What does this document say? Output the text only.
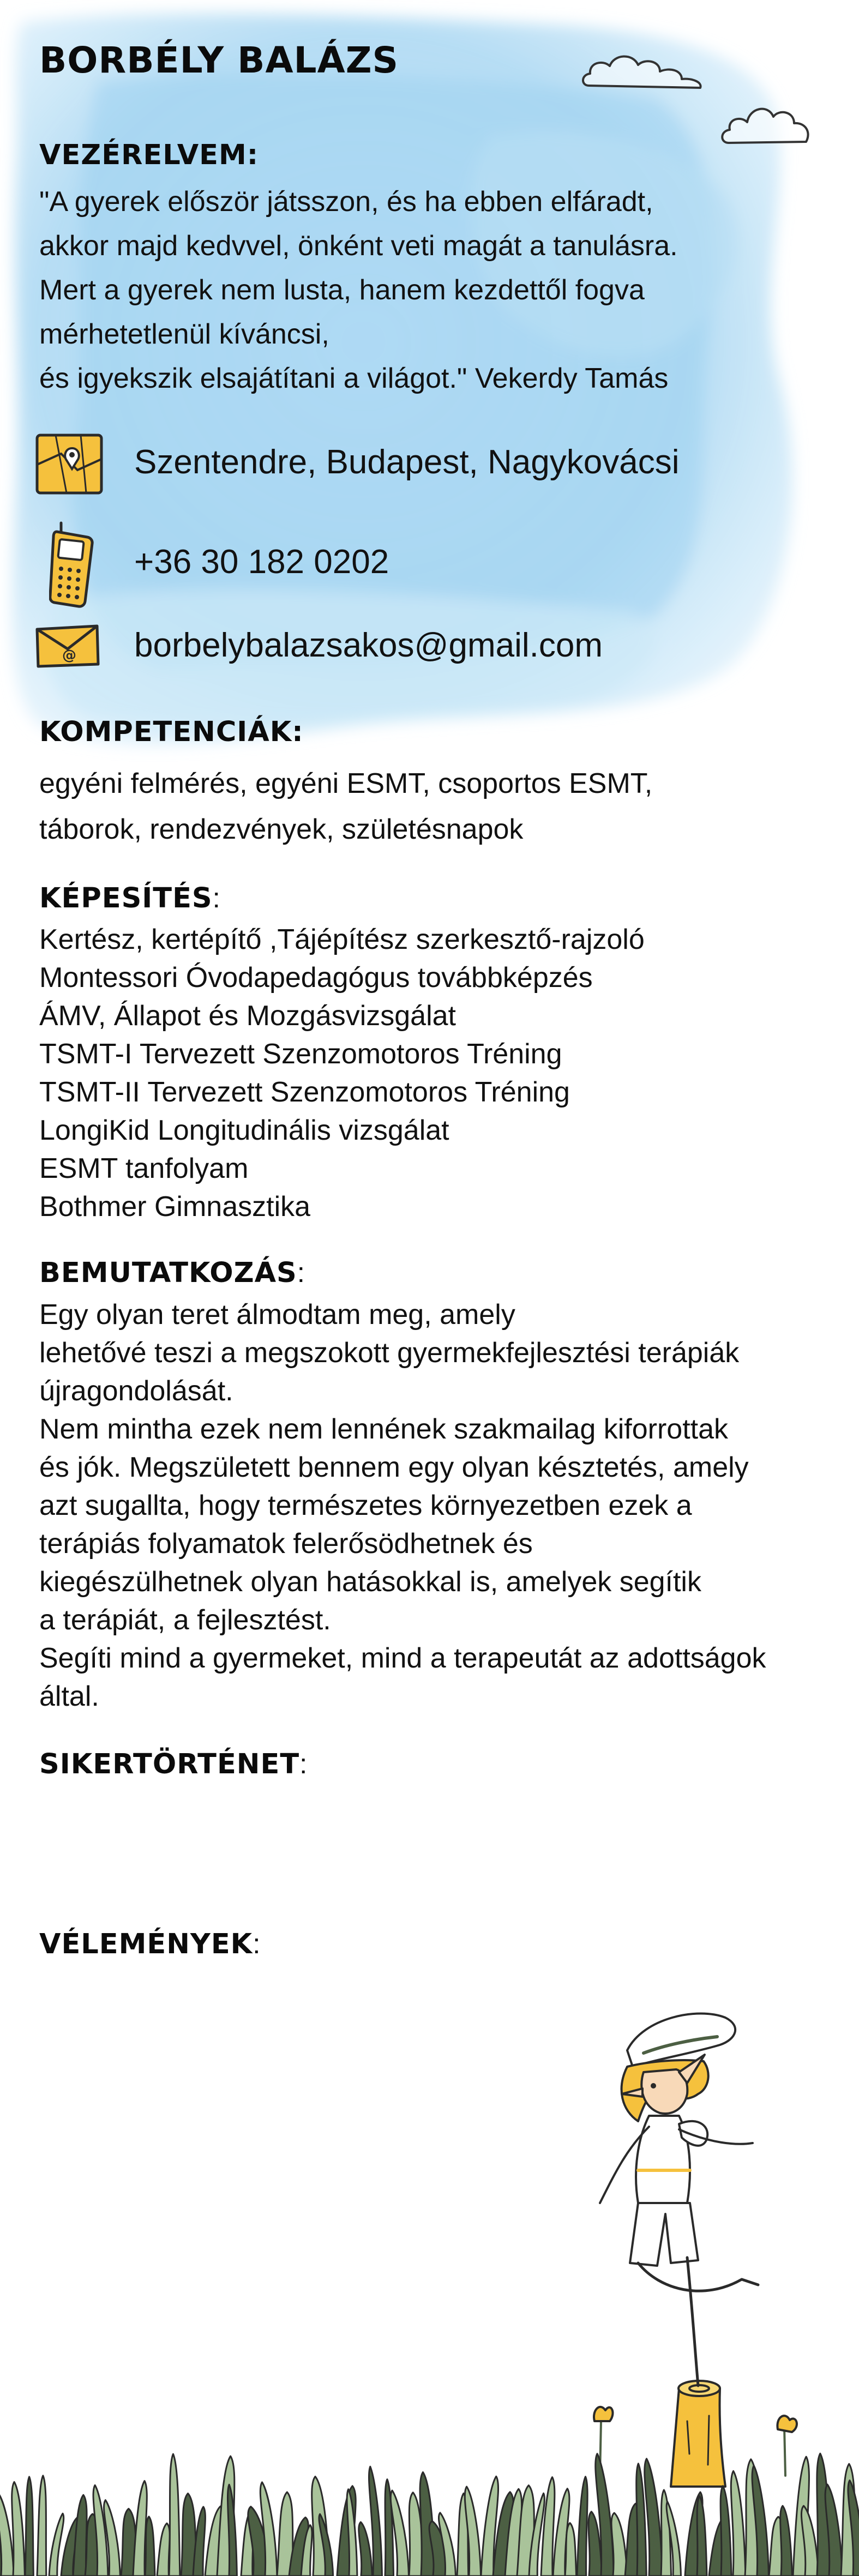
BORBÉLY BALÁZS
VEZÉRELVEM:
"A gyerek először játsszon, és ha ebben elfáradt,
akkor majd kedvvel, önként veti magát a tanulásra.
Mert a gyerek nem lusta, hanem kezdettől fogva
mérhetetlenül kíváncsi,
és igyekszik elsajátítani a világot." Vekerdy Tamás
Szentendre, Budapest, Nagykovácsi
+36 30 182 0202
@ borbelybalazsakos@gmail.com
KOMPETENCIÁK:
egyéni felmérés, egyéni ESMT, csoportos ESMT,
táborok, rendezvények, születésnapok
KÉPESÍTÉS:
Kertész, kertépítő ,Tájépítész szerkesztő-rajzoló
Montessori Óvodapedagógus továbbképzés
ÁMV, Állapot és Mozgásvizsgálat
TSMT-I Tervezett Szenzomotoros Tréning
TSMT-II Tervezett Szenzomotoros Tréning
LongiKid Longitudinális vizsgálat
ESMT tanfolyam
Bothmer Gimnasztika
BEMUTATKOZÁS:
Egy olyan teret álmodtam meg, amely
lehetővé teszi a megszokott gyermekfejlesztési terápiák
újragondolását.
Nem mintha ezek nem lennének szakmailag kiforrottak
és jók. Megszületett bennem egy olyan késztetés, amely
azt sugallta, hogy természetes környezetben ezek a
terápiás folyamatok felerősödhetnek és
kiegészülhetnek olyan hatásokkal is, amelyek segítik
a terápiát, a fejlesztést.
Segíti mind a gyermeket, mind a terapeutát az adottságok
által.
SIKERTÖRTÉNET:
VÉLEMÉNYEK:
